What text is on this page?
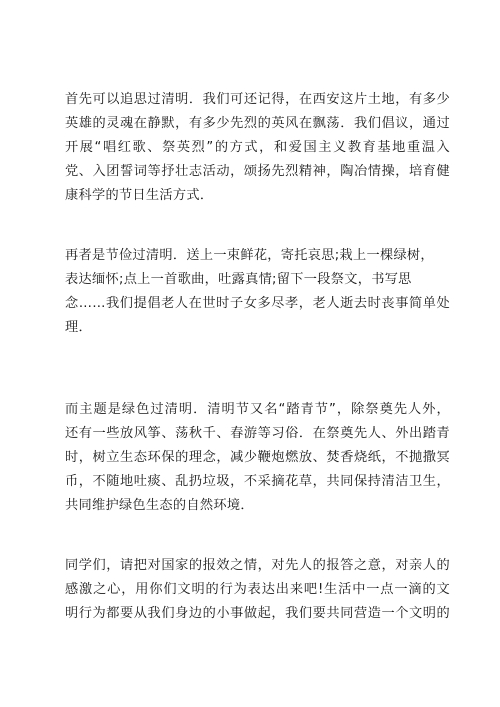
首先可以追思过清明．我们可还记得，在西安这片土地，有多少
英雄的灵魂在静默，有多少先烈的英风在飘荡．我们倡议，通过
开展“唱红歌、祭英烈”的方式，和爱国主义教育基地重温入
党、入团誓词等抒壮志活动，颂扬先烈精神，陶冶情操，培育健
康科学的节日生活方式．

再者是节俭过清明．送上一束鲜花，寄托哀思;栽上一棵绿树，
表达缅怀;点上一首歌曲，吐露真情;留下一段祭文，书写思
念……我们提倡老人在世时子女多尽孝，老人逝去时丧事简单处
理．

而主题是绿色过清明．清明节又名“踏青节”，除祭奠先人外，
还有一些放风筝、荡秋千、春游等习俗．在祭奠先人、外出踏青
时，树立生态环保的理念，减少鞭炮燃放、焚香烧纸，不抛撒冥
币，不随地吐痰、乱扔垃圾，不采摘花草，共同保持清洁卫生，
共同维护绿色生态的自然环境．

同学们，请把对国家的报效之情，对先人的报答之意，对亲人的
感激之心，用你们文明的行为表达出来吧!生活中一点一滴的文
明行为都要从我们身边的小事做起，我们要共同营造一个文明的
